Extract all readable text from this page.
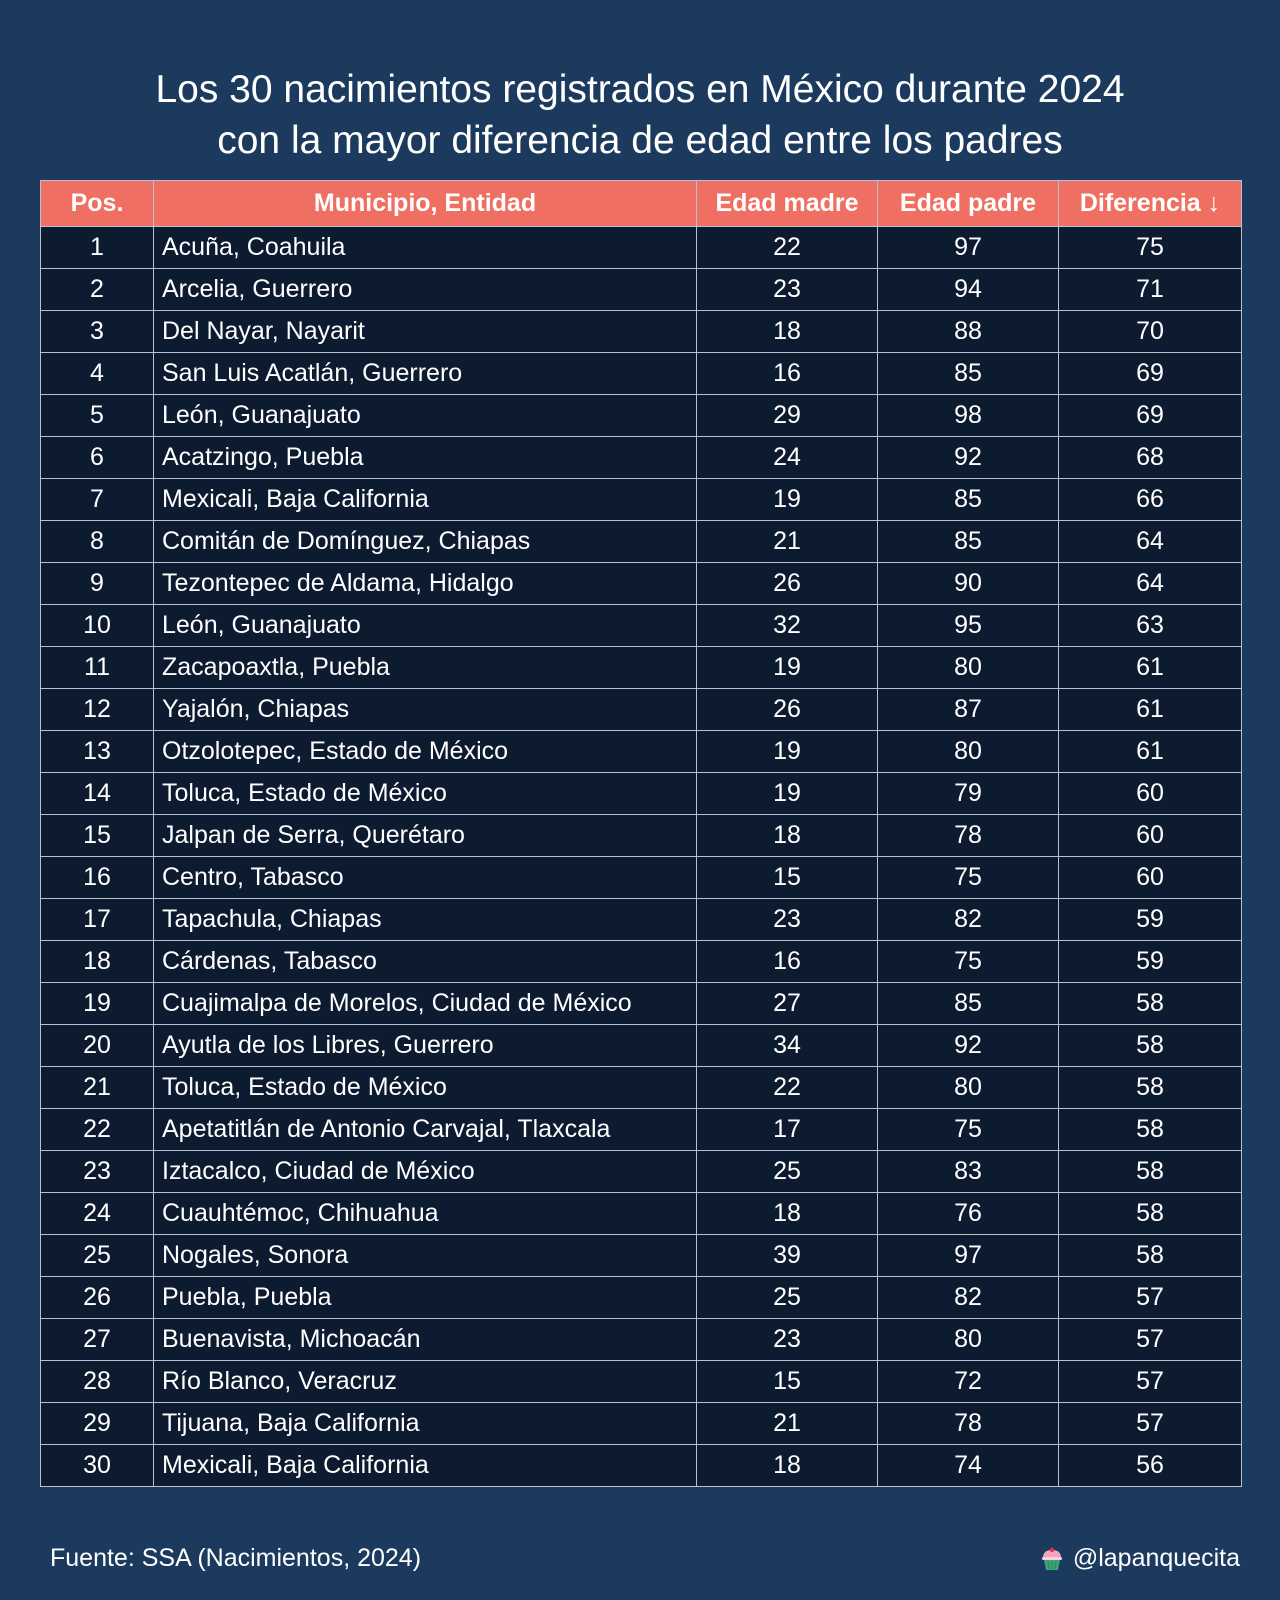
Los 30 nacimientos registrados en México durante 2024
con la mayor diferencia de edad entre los padres
Pos.	Municipio, Entidad	Edad madre	Edad padre	Diferencia ↓
1	Acuña, Coahuila	22	97	75
2	Arcelia, Guerrero	23	94	71
3	Del Nayar, Nayarit	18	88	70
4	San Luis Acatlán, Guerrero	16	85	69
5	León, Guanajuato	29	98	69
6	Acatzingo, Puebla	24	92	68
7	Mexicali, Baja California	19	85	66
8	Comitán de Domínguez, Chiapas	21	85	64
9	Tezontepec de Aldama, Hidalgo	26	90	64
10	León, Guanajuato	32	95	63
11	Zacapoaxtla, Puebla	19	80	61
12	Yajalón, Chiapas	26	87	61
13	Otzolotepec, Estado de México	19	80	61
14	Toluca, Estado de México	19	79	60
15	Jalpan de Serra, Querétaro	18	78	60
16	Centro, Tabasco	15	75	60
17	Tapachula, Chiapas	23	82	59
18	Cárdenas, Tabasco	16	75	59
19	Cuajimalpa de Morelos, Ciudad de México	27	85	58
20	Ayutla de los Libres, Guerrero	34	92	58
21	Toluca, Estado de México	22	80	58
22	Apetatitlán de Antonio Carvajal, Tlaxcala	17	75	58
23	Iztacalco, Ciudad de México	25	83	58
24	Cuauhtémoc, Chihuahua	18	76	58
25	Nogales, Sonora	39	97	58
26	Puebla, Puebla	25	82	57
27	Buenavista, Michoacán	23	80	57
28	Río Blanco, Veracruz	15	72	57
29	Tijuana, Baja California	21	78	57
30	Mexicali, Baja California	18	74	56
Fuente: SSA (Nacimientos, 2024)	@lapanquecita
